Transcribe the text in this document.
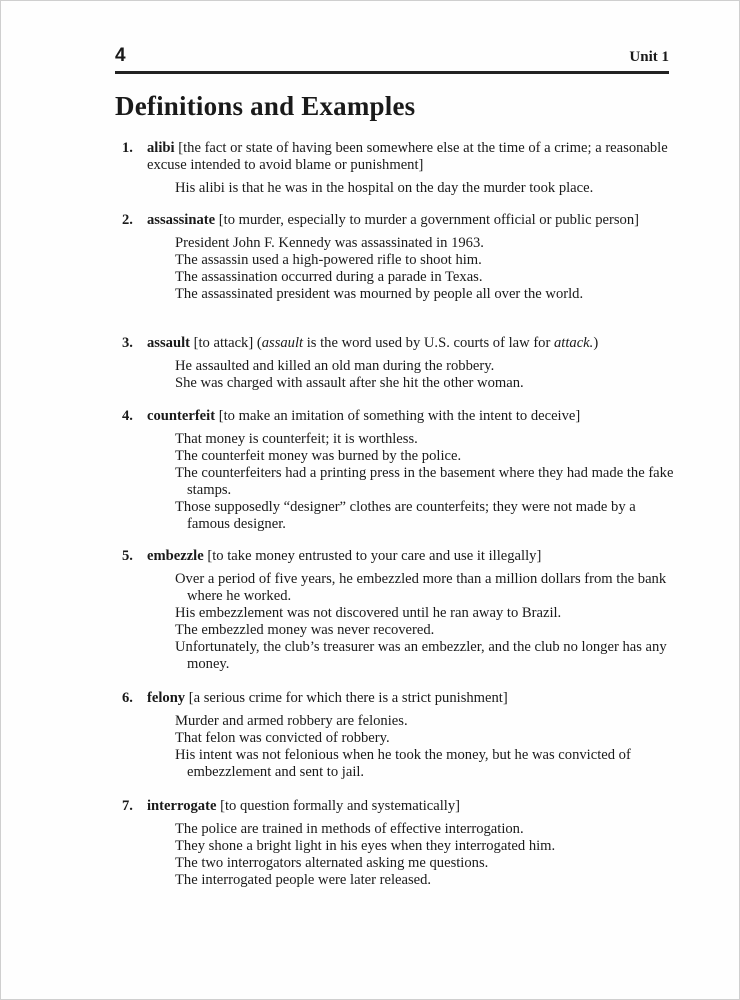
4	Unit 1
Definitions and Examples
1. alibi [the fact or state of having been somewhere else at the time of a crime; a reasonable excuse intended to avoid blame or punishment]
His alibi is that he was in the hospital on the day the murder took place.
2. assassinate [to murder, especially to murder a government official or public person]
President John F. Kennedy was assassinated in 1963.
The assassin used a high-powered rifle to shoot him.
The assassination occurred during a parade in Texas.
The assassinated president was mourned by people all over the world.
3. assault [to attack] (assault is the word used by U.S. courts of law for attack.)
He assaulted and killed an old man during the robbery.
She was charged with assault after she hit the other woman.
4. counterfeit [to make an imitation of something with the intent to deceive]
That money is counterfeit; it is worthless.
The counterfeit money was burned by the police.
The counterfeiters had a printing press in the basement where they had made the fake stamps.
Those supposedly “designer” clothes are counterfeits; they were not made by a famous designer.
5. embezzle [to take money entrusted to your care and use it illegally]
Over a period of five years, he embezzled more than a million dollars from the bank where he worked.
His embezzlement was not discovered until he ran away to Brazil.
The embezzled money was never recovered.
Unfortunately, the club’s treasurer was an embezzler, and the club no longer has any money.
6. felony [a serious crime for which there is a strict punishment]
Murder and armed robbery are felonies.
That felon was convicted of robbery.
His intent was not felonious when he took the money, but he was convicted of embezzlement and sent to jail.
7. interrogate [to question formally and systematically]
The police are trained in methods of effective interrogation.
They shone a bright light in his eyes when they interrogated him.
The two interrogators alternated asking me questions.
The interrogated people were later released.
